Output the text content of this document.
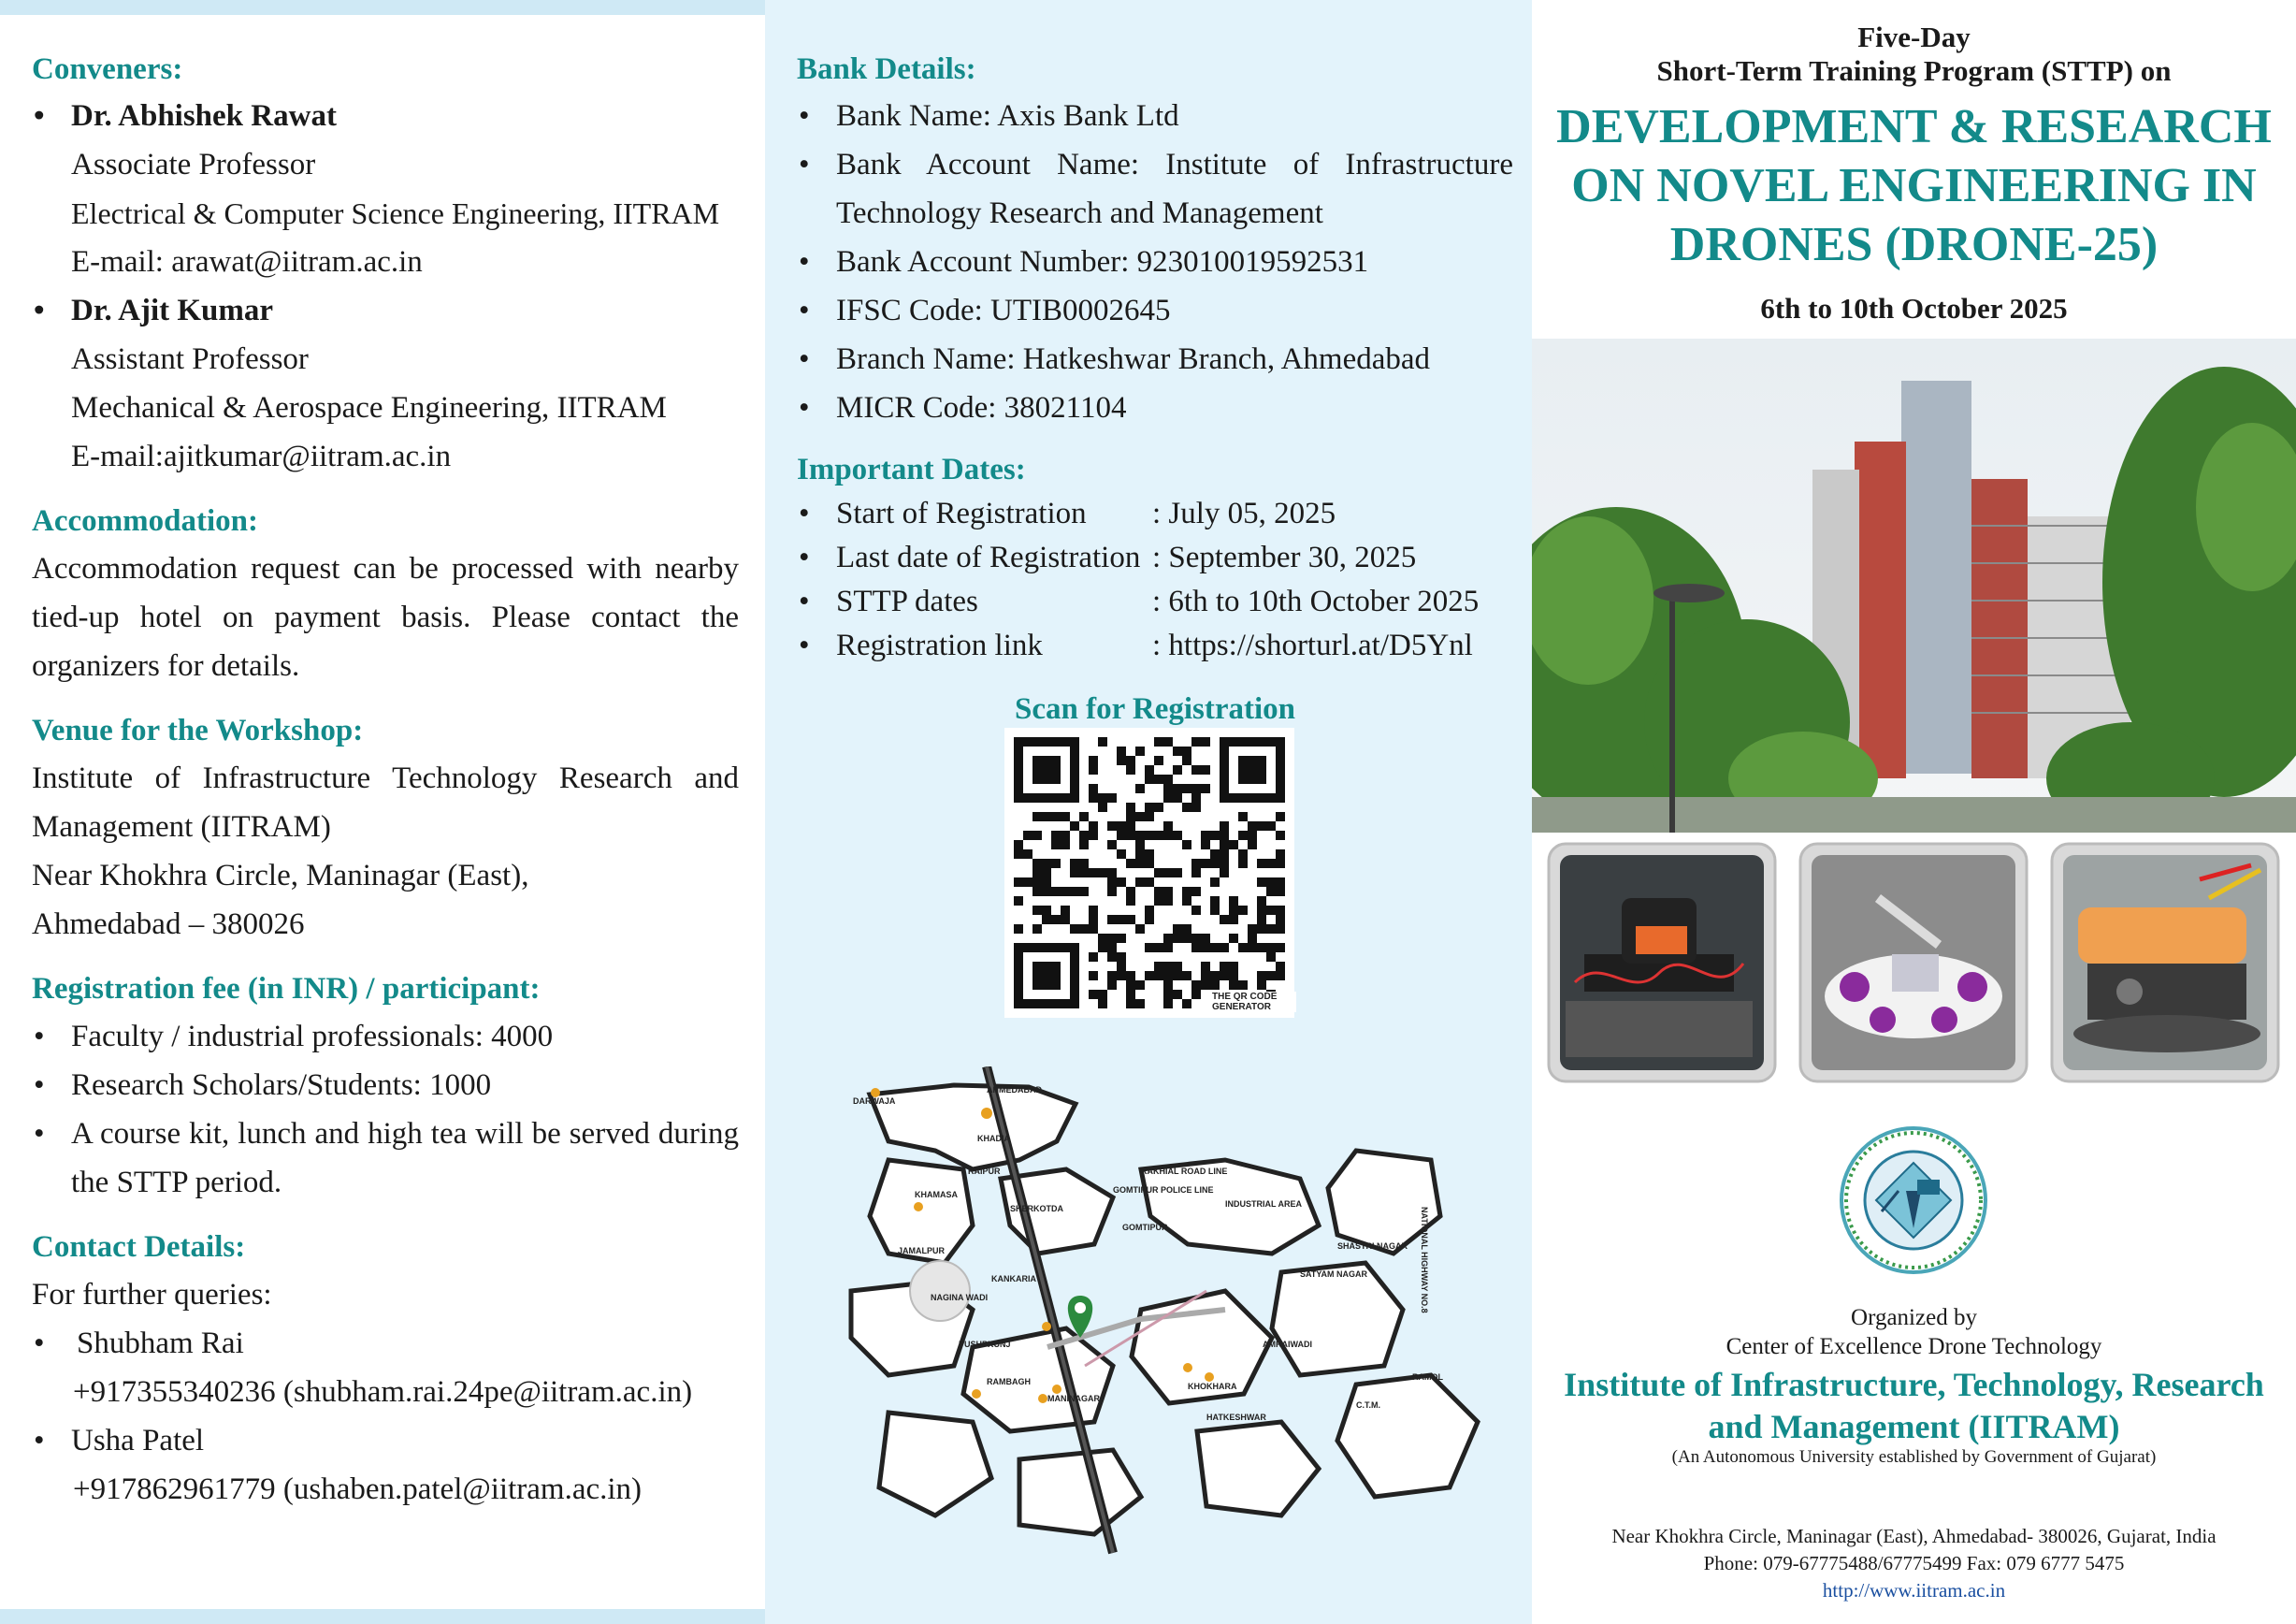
Conveners:
• Dr. Abhishek Rawat
Associate Professor
Electrical & Computer Science Engineering, IITRAM
E-mail: arawat@iitram.ac.in
• Dr. Ajit Kumar
Assistant Professor
Mechanical & Aerospace Engineering, IITRAM
E-mail:ajitkumar@iitram.ac.in
Accommodation:
Accommodation request can be processed with nearby tied-up hotel on payment basis. Please contact the organizers for details.
Venue for the Workshop:
Institute of Infrastructure Technology Research and Management (IITRAM)
Near Khokhra Circle, Maninagar (East),
Ahmedabad – 380026
Registration fee (in INR) / participant:
• Faculty / industrial professionals: 4000
• Research Scholars/Students: 1000
• A course kit, lunch and high tea will be served during the STTP period.
Contact Details:
For further queries:
• Shubham Rai
+917355340236 (shubham.rai.24pe@iitram.ac.in)
• Usha Patel
+917862961779 (ushaben.patel@iitram.ac.in)
Bank Details:
• Bank Name: Axis Bank Ltd
• Bank Account Name: Institute of Infrastructure Technology Research and Management
• Bank Account Number: 923010019592531
• IFSC Code: UTIB0002645
• Branch Name: Hatkeshwar Branch, Ahmedabad
• MICR Code: 38021104
Important Dates:
• Start of Registration	: July 05, 2025
• Last date of Registration : September 30, 2025
• STTP dates	: 6th to 10th October 2025
• Registration link	: https://shorturl.at/D5Ynl
Scan for Registration
THE QR CODE
GENERATOR
DARWAJA
AHMEDABAD
KHADIA
RAIPUR
KHAMASA
JAMALPUR
SHERKOTDA
GOMTIPUR POLICE LINE
RAKHIAL ROAD LINE
GOMTIPUR
INDUSTRIAL AREA
SHASTRI NAGAR
SATYAM NAGAR
KANKARIA
NAGINA WADI
PUSHPKUNJ
RAMBAGH
MANINAGAR
KHOKHARA
HATKESHWAR
AMRAIWADI
RAMOL
C.T.M.
NATIONAL HIGHWAY NO.8
Five-Day
Short-Term Training Program (STTP) on
DEVELOPMENT & RESEARCH
ON NOVEL ENGINEERING IN
DRONES (DRONE-25)
6th to 10th October 2025
Organized by
Center of Excellence Drone Technology
Institute of Infrastructure, Technology, Research
and Management (IITRAM)
(An Autonomous University established by Government of Gujarat)
Near Khokhra Circle, Maninagar (East), Ahmedabad- 380026, Gujarat, India
Phone: 079-67775488/67775499 Fax: 079 6777 5475
http://www.iitram.ac.in
